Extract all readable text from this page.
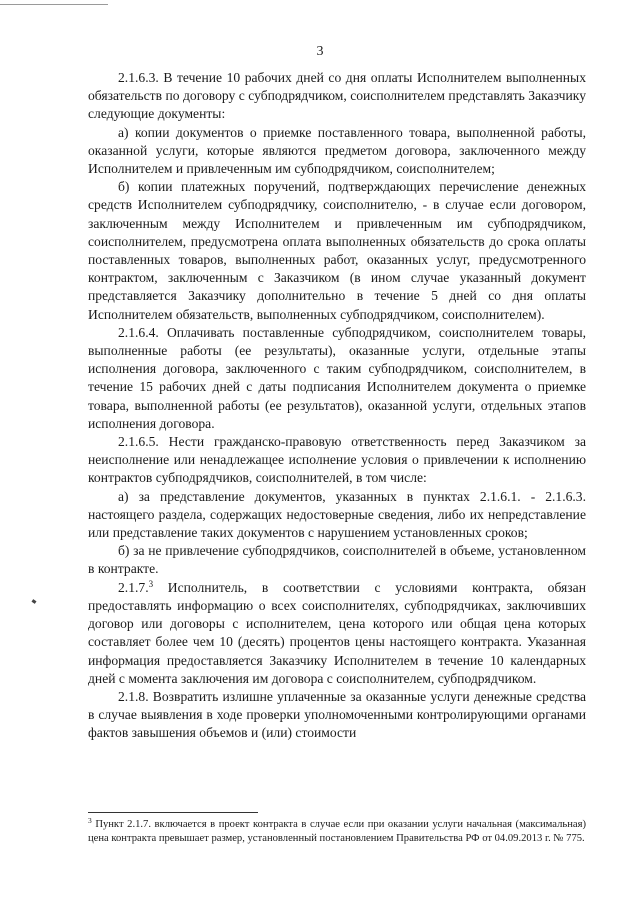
3

2.1.6.3. В течение 10 рабочих дней со дня оплаты Исполнителем выполненных обязательств по договору с субподрядчиком, соисполнителем представлять Заказчику следующие документы:

а) копии документов о приемке поставленного товара, выполненной работы, оказанной услуги, которые являются предметом договора, заключенного между Исполнителем и привлеченным им субподрядчиком, соисполнителем;

б) копии платежных поручений, подтверждающих перечисление денежных средств Исполнителем субподрядчику, соисполнителю, - в случае если договором, заключенным между Исполнителем и привлеченным им субподрядчиком, соисполнителем, предусмотрена оплата выполненных обязательств до срока оплаты поставленных товаров, выполненных работ, оказанных услуг, предусмотренного контрактом, заключенным с Заказчиком (в ином случае указанный документ представляется Заказчику дополнительно в течение 5 дней со дня оплаты Исполнителем обязательств, выполненных субподрядчиком, соисполнителем).

2.1.6.4. Оплачивать поставленные субподрядчиком, соисполнителем товары, выполненные работы (ее результаты), оказанные услуги, отдельные этапы исполнения договора, заключенного с таким субподрядчиком, соисполнителем, в течение 15 рабочих дней с даты подписания Исполнителем документа о приемке товара, выполненной работы (ее результатов), оказанной услуги, отдельных этапов исполнения договора.

2.1.6.5. Нести гражданско-правовую ответственность перед Заказчиком за неисполнение или ненадлежащее исполнение условия о привлечении к исполнению контрактов субподрядчиков, соисполнителей, в том числе:

а) за представление документов, указанных в пунктах 2.1.6.1. - 2.1.6.3. настоящего раздела, содержащих недостоверные сведения, либо их непредставление или представление таких документов с нарушением установленных сроков;

б) за не привлечение субподрядчиков, соисполнителей в объеме, установленном в контракте.

2.1.7.$^3$ Исполнитель, в соответствии с условиями контракта, обязан предоставлять информацию о всех соисполнителях, субподрядчиках, заключивших договор или договоры с исполнителем, цена которого или общая цена которых составляет более чем 10 (десять) процентов цены настоящего контракта. Указанная информация предоставляется Заказчику Исполнителем в течение 10 календарных дней с момента заключения им договора с соисполнителем, субподрядчиком.

2.1.8. Возвратить излишне уплаченные за оказанные услуги денежные средства в случае выявления в ходе проверки уполномоченными контролирующими органами фактов завышения объемов и (или) стоимости

$^3$ Пункт 2.1.7. включается в проект контракта в случае если при оказании услуги начальная (максимальная) цена контракта превышает размер, установленный постановлением Правительства РФ от 04.09.2013 г. № 775.
